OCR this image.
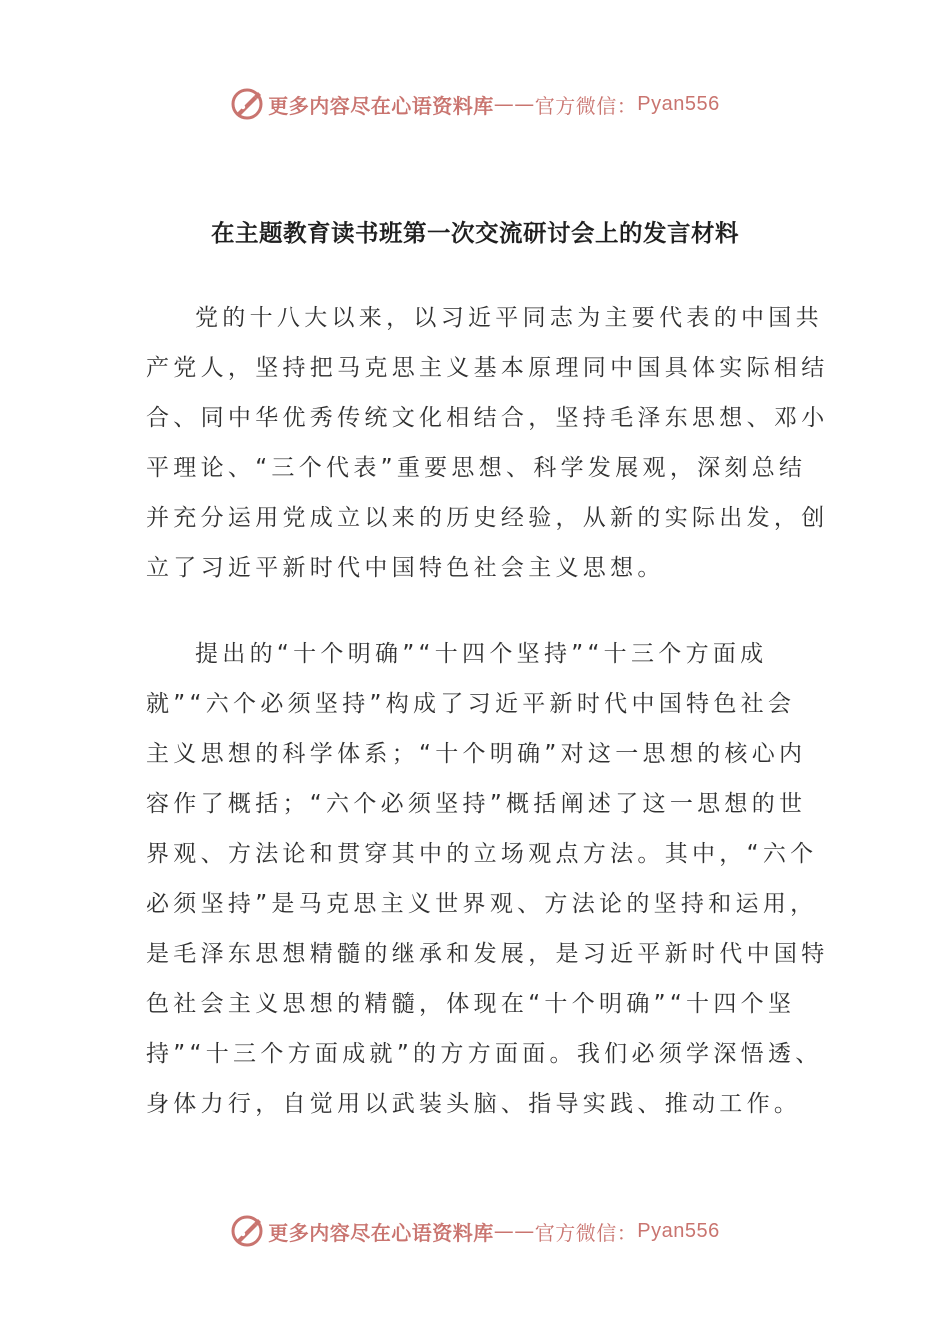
更多内容尽在心语资料库 —— 官方微信： Pyan556
在主题教育读书班第一次交流研讨会上的发言材料
党的十八大以来，以习近平同志为主要代表的中国共
产党人，坚持把马克思主义基本原理同中国具体实际相结
合、同中华优秀传统文化相结合，坚持毛泽东思想、邓小
平理论、“三个代表”重要思想、科学发展观，深刻总结
并充分运用党成立以来的历史经验，从新的实际出发，创
立了习近平新时代中国特色社会主义思想。
提出的“十个明确”“十四个坚持”“十三个方面成
就”“六个必须坚持”构成了习近平新时代中国特色社会
主义思想的科学体系；“十个明确”对这一思想的核心内
容作了概括；“六个必须坚持”概括阐述了这一思想的世
界观、方法论和贯穿其中的立场观点方法。其中，“六个
必须坚持”是马克思主义世界观、方法论的坚持和运用，
是毛泽东思想精髓的继承和发展，是习近平新时代中国特
色社会主义思想的精髓，体现在“十个明确”“十四个坚
持”“十三个方面成就”的方方面面。我们必须学深悟透、
身体力行，自觉用以武装头脑、指导实践、推动工作。
更多内容尽在心语资料库 —— 官方微信： Pyan556
